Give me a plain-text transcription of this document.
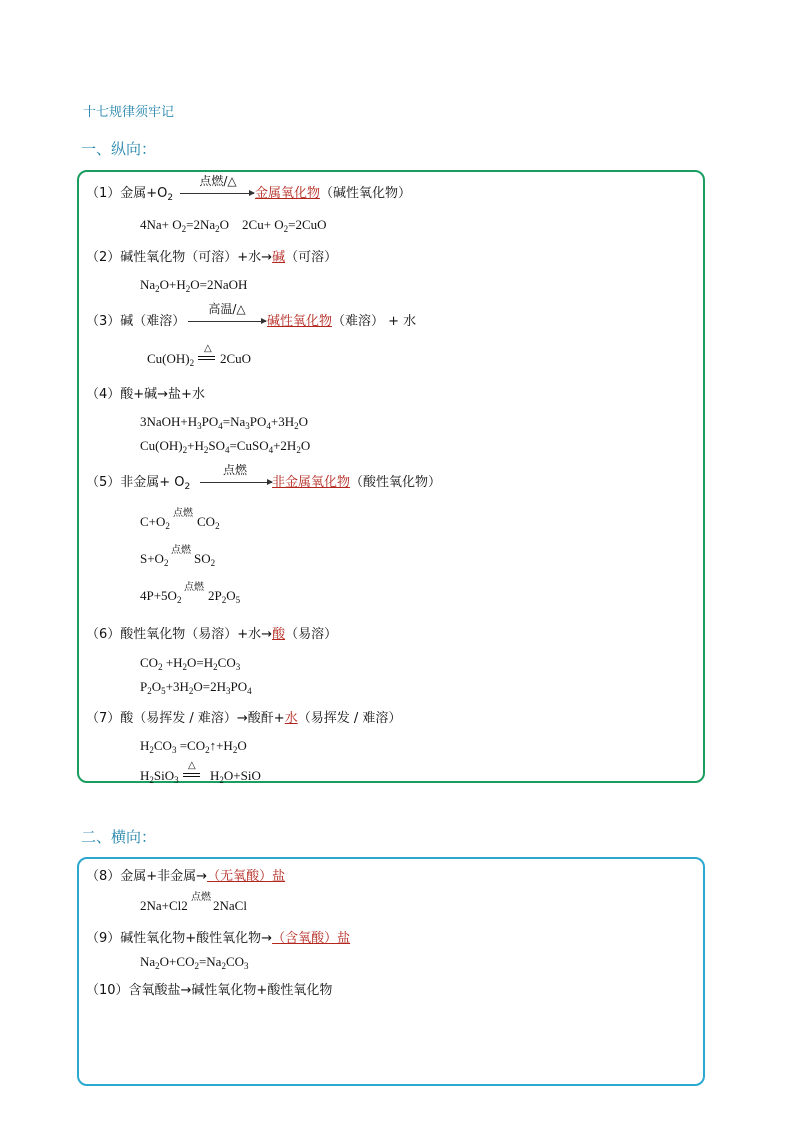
十七规律须牢记
一、纵向：
（1）金属$+O_2$
点燃/△
金属氧化物（碱性氧化物）
$4Na+ O_2=2Na_2O$    $2Cu+ O_2=2CuO$
（2）碱性氧化物（可溶）+水→碱（可溶）
$Na_2O+H_2O=2NaOH$
（3）碱（难溶）
高温/△
碱性氧化物（难溶） + 水
$Cu(OH)_2$
△
2CuO
（4）酸+碱→盐+水
$3NaOH+H_3PO_4=Na_3PO_4+3H_2O$
$Cu(OH)_2+H_2SO_4=CuSO_4+2H_2O$
（5）非金属+ $O_2$
点燃
非金属氧化物（酸性氧化物）
$C+O_2$
点燃
$CO_2$
$S+O_2$
点燃
$SO_2$
$4P+5O_2$
点燃
$2P_2O_5$
（6）酸性氧化物（易溶）+水→酸（易溶）
$CO_2 +H_2O=H_2CO_3$
$P_2O_5+3H_2O=2H_3PO_4$
（7）酸（易挥发 / 难溶）→酸酐+水（易挥发 / 难溶）
$H_2CO_3$ $=CO_2↑+H_2O$
$H_2SiO_3$
△
$H_2O+SiO$
二、横向：
（8）金属+非金属→（无氧酸）盐
2Na+Cl2
点燃
2NaCl
（9）碱性氧化物+酸性氧化物→（含氧酸）盐
$Na_2O+CO_2=Na_2CO_3$
（10）含氧酸盐→碱性氧化物+酸性氧化物
